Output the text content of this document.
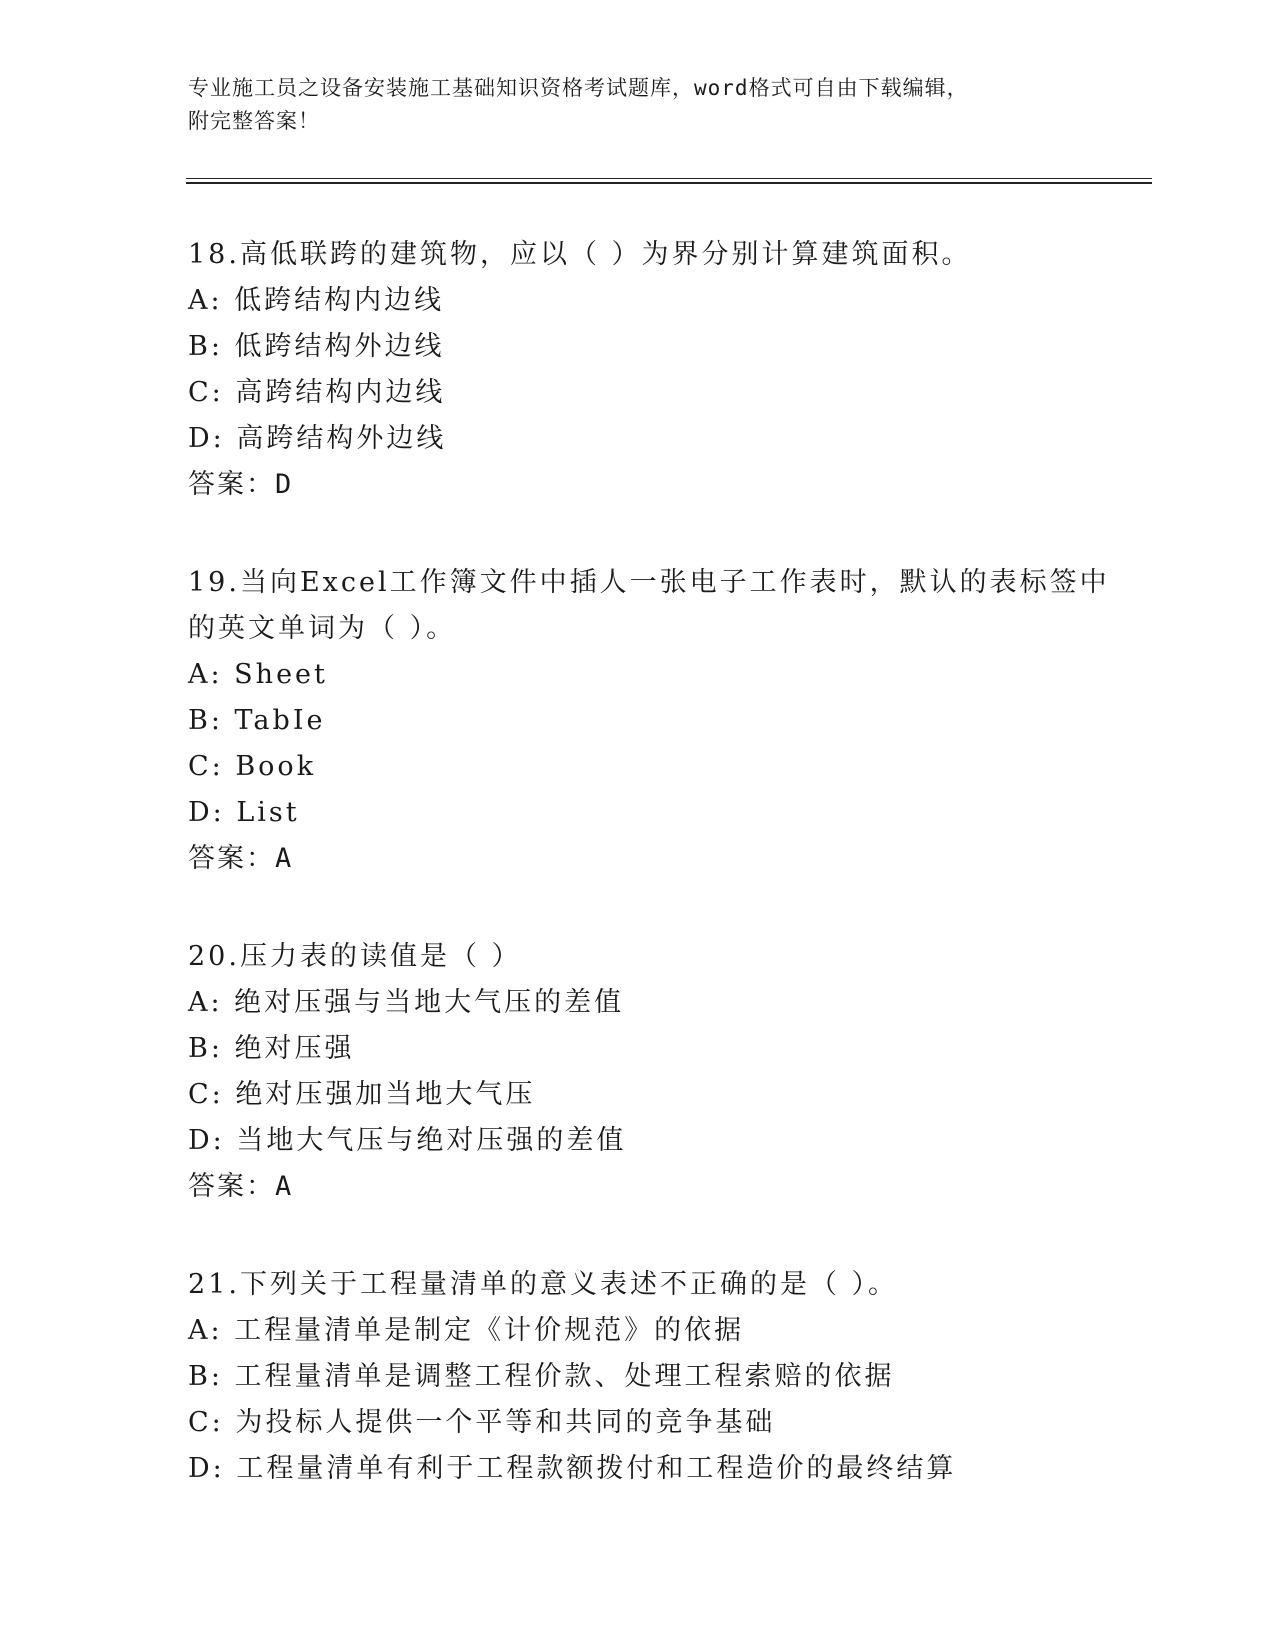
专业施工员之设备安装施工基础知识资格考试题库，word格式可自由下载编辑，
附完整答案！
18.高低联跨的建筑物，应以（ ）为界分别计算建筑面积。
A: 低跨结构内边线
B: 低跨结构外边线
C: 高跨结构内边线
D: 高跨结构外边线
答案：D
19.当向Excel工作簿文件中插人一张电子工作表时，默认的表标签中的英文单词为（ ）。
A: Sheet
B: TabIe
C: Book
D: List
答案：A
20.压力表的读值是（ ）
A: 绝对压强与当地大气压的差值
B: 绝对压强
C: 绝对压强加当地大气压
D: 当地大气压与绝对压强的差值
答案：A
21.下列关于工程量清单的意义表述不正确的是（ ）。
A: 工程量清单是制定《计价规范》的依据
B: 工程量清单是调整工程价款、处理工程索赔的依据
C: 为投标人提供一个平等和共同的竞争基础
D: 工程量清单有利于工程款额拨付和工程造价的最终结算
